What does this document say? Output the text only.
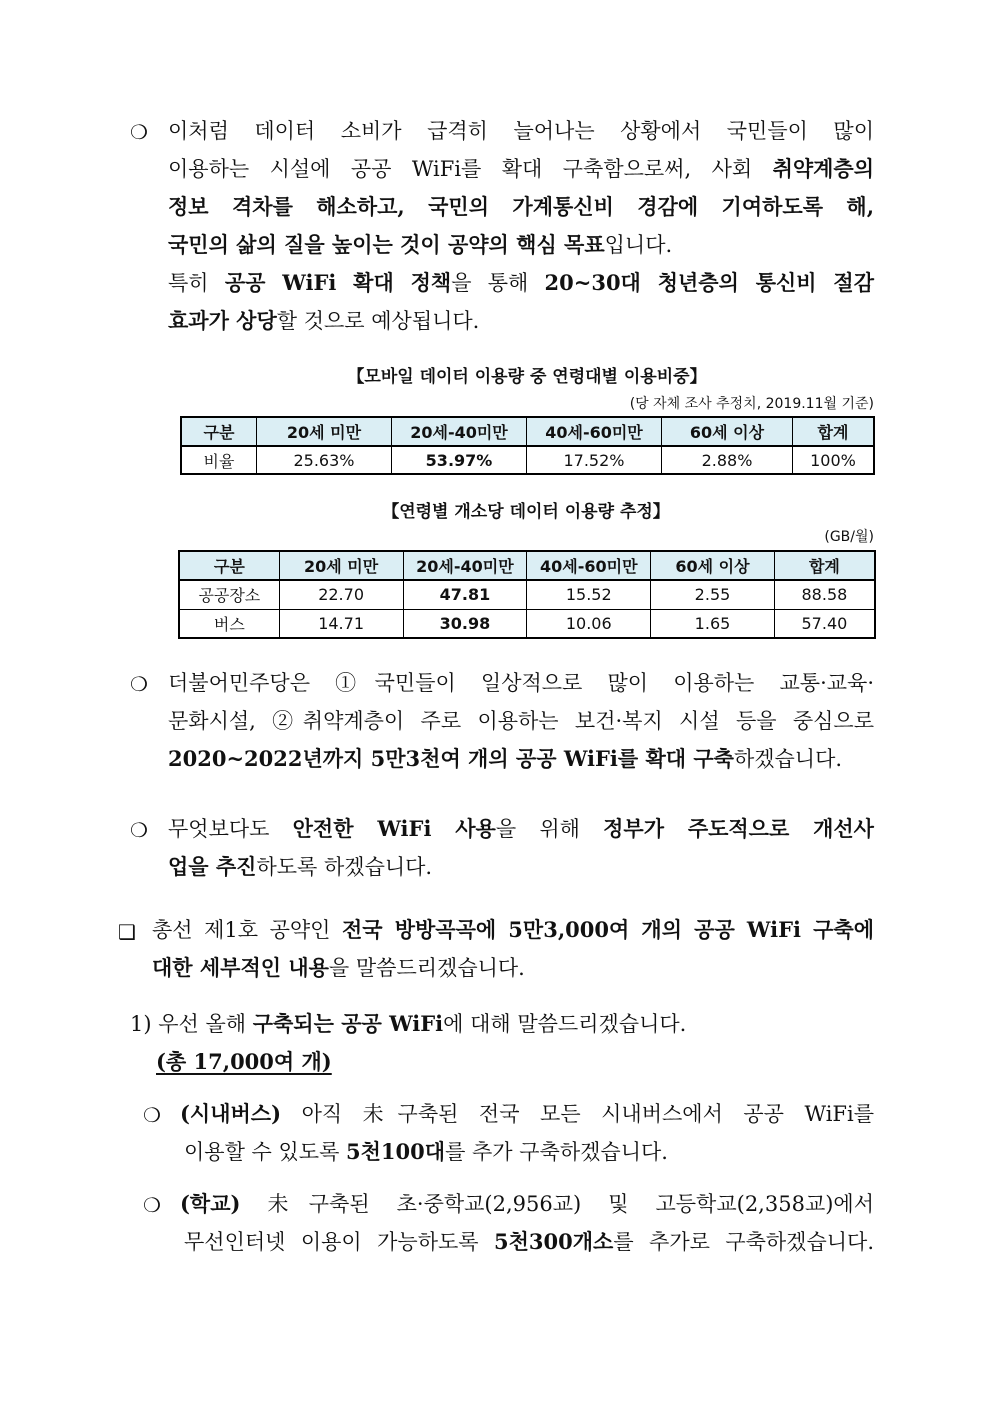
❍ 이처럼 데이터 소비가 급격히 늘어나는 상황에서 국민들이 많이
이용하는 시설에 공공 WiFi를 확대 구축함으로써, 사회 취약계층의
정보 격차를 해소하고, 국민의 가계통신비 경감에 기여하도록 해,
국민의 삶의 질을 높이는 것이 공약의 핵심 목표입니다.
특히 공공 WiFi 확대 정책을 통해 20~30대 청년층의 통신비 절감
효과가 상당할 것으로 예상됩니다.
【모바일 데이터 이용량 중 연령대별 이용비중】
(당 자체 조사 추정치, 2019.11월 기준)
구분	20세 미만	20세-40미만	40세-60미만	60세 이상	합계
비율	25.63%	53.97%	17.52%	2.88%	100%
【연령별 개소당 데이터 이용량 추정】
(GB/월)
구분	20세 미만	20세-40미만	40세-60미만	60세 이상	합계
공공장소	22.70	47.81	15.52	2.55	88.58
버스	14.71	30.98	10.06	1.65	57.40
❍ 더불어민주당은 ①국민들이 일상적으로 많이 이용하는 교통·교육·
문화시설, ②취약계층이 주로 이용하는 보건·복지 시설 등을 중심으로
2020~2022년까지 5만3천여 개의 공공 WiFi를 확대 구축하겠습니다.
❍ 무엇보다도 안전한 WiFi 사용을 위해 정부가 주도적으로 개선사
업을 추진하도록 하겠습니다.
❑ 총선 제1호 공약인 전국 방방곡곡에 5만3,000여 개의 공공 WiFi 구축에
대한 세부적인 내용을 말씀드리겠습니다.
1) 우선 올해 구축되는 공공 WiFi에 대해 말씀드리겠습니다.
(총 17,000여 개)
❍ (시내버스) 아직 未구축된 전국 모든 시내버스에서 공공 WiFi를
이용할 수 있도록 5천100대를 추가 구축하겠습니다.
❍ (학교) 未구축된 초·중학교(2,956교) 및 고등학교(2,358교)에서
무선인터넷 이용이 가능하도록 5천300개소를 추가로 구축하겠습니다.
